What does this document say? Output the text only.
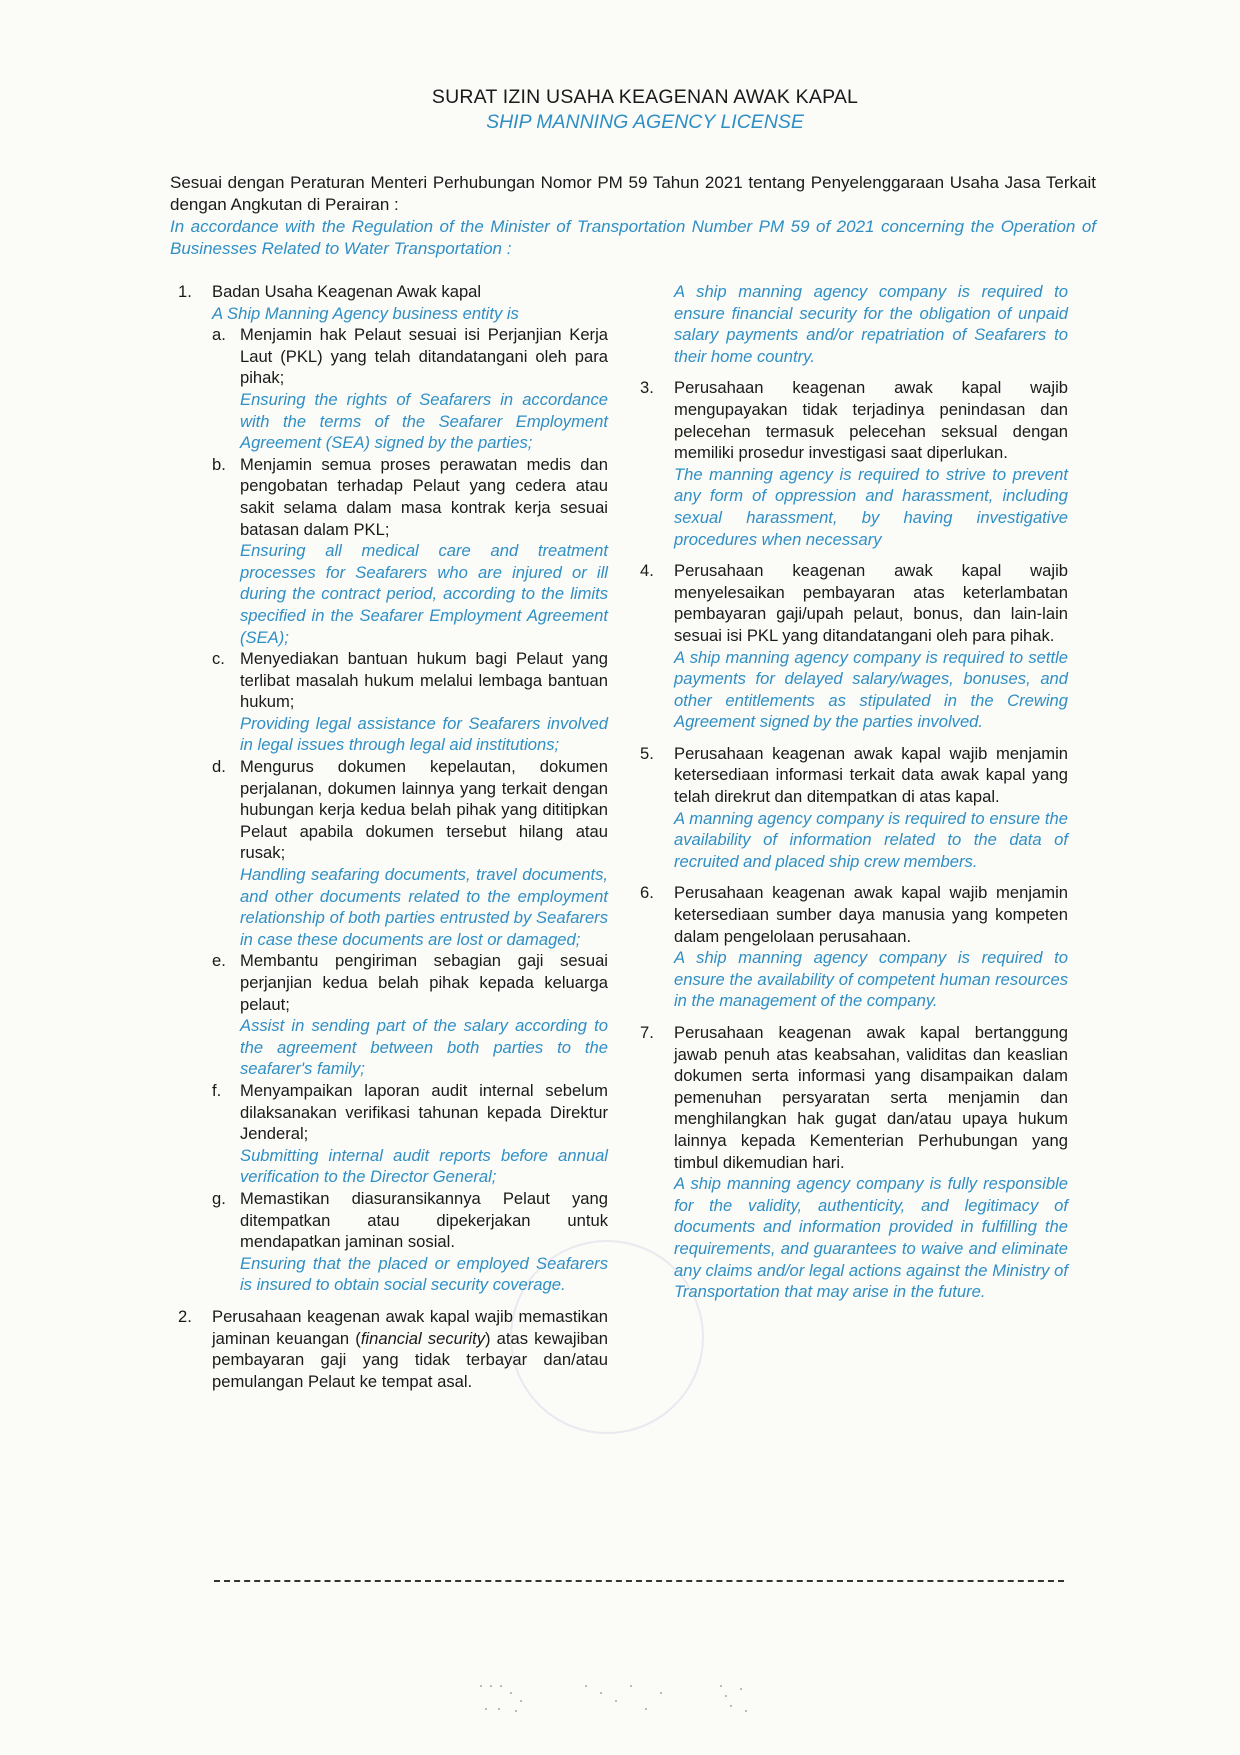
SURAT IZIN USAHA KEAGENAN AWAK KAPAL
SHIP MANNING AGENCY LICENSE
Sesuai dengan Peraturan Menteri Perhubungan Nomor PM 59 Tahun 2021 tentang Penyelenggaraan Usaha Jasa Terkait dengan Angkutan di Perairan :
In accordance with the Regulation of the Minister of Transportation Number PM 59 of 2021 concerning the Operation of Businesses Related to Water Transportation :
1. Badan Usaha Keagenan Awak kapal
A Ship Manning Agency business entity is
a. Menjamin hak Pelaut sesuai isi Perjanjian Kerja Laut (PKL) yang telah ditandatangani oleh para pihak;
Ensuring the rights of Seafarers in accordance with the terms of the Seafarer Employment Agreement (SEA) signed by the parties;
b. Menjamin semua proses perawatan medis dan pengobatan terhadap Pelaut yang cedera atau sakit selama dalam masa kontrak kerja sesuai batasan dalam PKL;
Ensuring all medical care and treatment processes for Seafarers who are injured or ill during the contract period, according to the limits specified in the Seafarer Employment Agreement (SEA);
c. Menyediakan bantuan hukum bagi Pelaut yang terlibat masalah hukum melalui lembaga bantuan hukum;
Providing legal assistance for Seafarers involved in legal issues through legal aid institutions;
d. Mengurus dokumen kepelautan, dokumen perjalanan, dokumen lainnya yang terkait dengan hubungan kerja kedua belah pihak yang dititipkan Pelaut apabila dokumen tersebut hilang atau rusak;
Handling seafaring documents, travel documents, and other documents related to the employment relationship of both parties entrusted by Seafarers in case these documents are lost or damaged;
e. Membantu pengiriman sebagian gaji sesuai perjanjian kedua belah pihak kepada keluarga pelaut;
Assist in sending part of the salary according to the agreement between both parties to the seafarer's family;
f. Menyampaikan laporan audit internal sebelum dilaksanakan verifikasi tahunan kepada Direktur Jenderal;
Submitting internal audit reports before annual verification to the Director General;
g. Memastikan diasuransikannya Pelaut yang ditempatkan atau dipekerjakan untuk mendapatkan jaminan sosial.
Ensuring that the placed or employed Seafarers is insured to obtain social security coverage.
2. Perusahaan keagenan awak kapal wajib memastikan jaminan keuangan (financial security) atas kewajiban pembayaran gaji yang tidak terbayar dan/atau pemulangan Pelaut ke tempat asal.
A ship manning agency company is required to ensure financial security for the obligation of unpaid salary payments and/or repatriation of Seafarers to their home country.
3. Perusahaan keagenan awak kapal wajib mengupayakan tidak terjadinya penindasan dan pelecehan termasuk pelecehan seksual dengan memiliki prosedur investigasi saat diperlukan.
The manning agency is required to strive to prevent any form of oppression and harassment, including sexual harassment, by having investigative procedures when necessary
4. Perusahaan keagenan awak kapal wajib menyelesaikan pembayaran atas keterlambatan pembayaran gaji/upah pelaut, bonus, dan lain-lain sesuai isi PKL yang ditandatangani oleh para pihak.
A ship manning agency company is required to settle payments for delayed salary/wages, bonuses, and other entitlements as stipulated in the Crewing Agreement signed by the parties involved.
5. Perusahaan keagenan awak kapal wajib menjamin ketersediaan informasi terkait data awak kapal yang telah direkrut dan ditempatkan di atas kapal.
A manning agency company is required to ensure the availability of information related to the data of recruited and placed ship crew members.
6. Perusahaan keagenan awak kapal wajib menjamin ketersediaan sumber daya manusia yang kompeten dalam pengelolaan perusahaan.
A ship manning agency company is required to ensure the availability of competent human resources in the management of the company.
7. Perusahaan keagenan awak kapal bertanggung jawab penuh atas keabsahan, validitas dan keaslian dokumen serta informasi yang disampaikan dalam pemenuhan persyaratan serta menjamin dan menghilangkan hak gugat dan/atau upaya hukum lainnya kepada Kementerian Perhubungan yang timbul dikemudian hari.
A ship manning agency company is fully responsible for the validity, authenticity, and legitimacy of documents and information provided in fulfilling the requirements, and guarantees to waive and eliminate any claims and/or legal actions against the Ministry of Transportation that may arise in the future.
